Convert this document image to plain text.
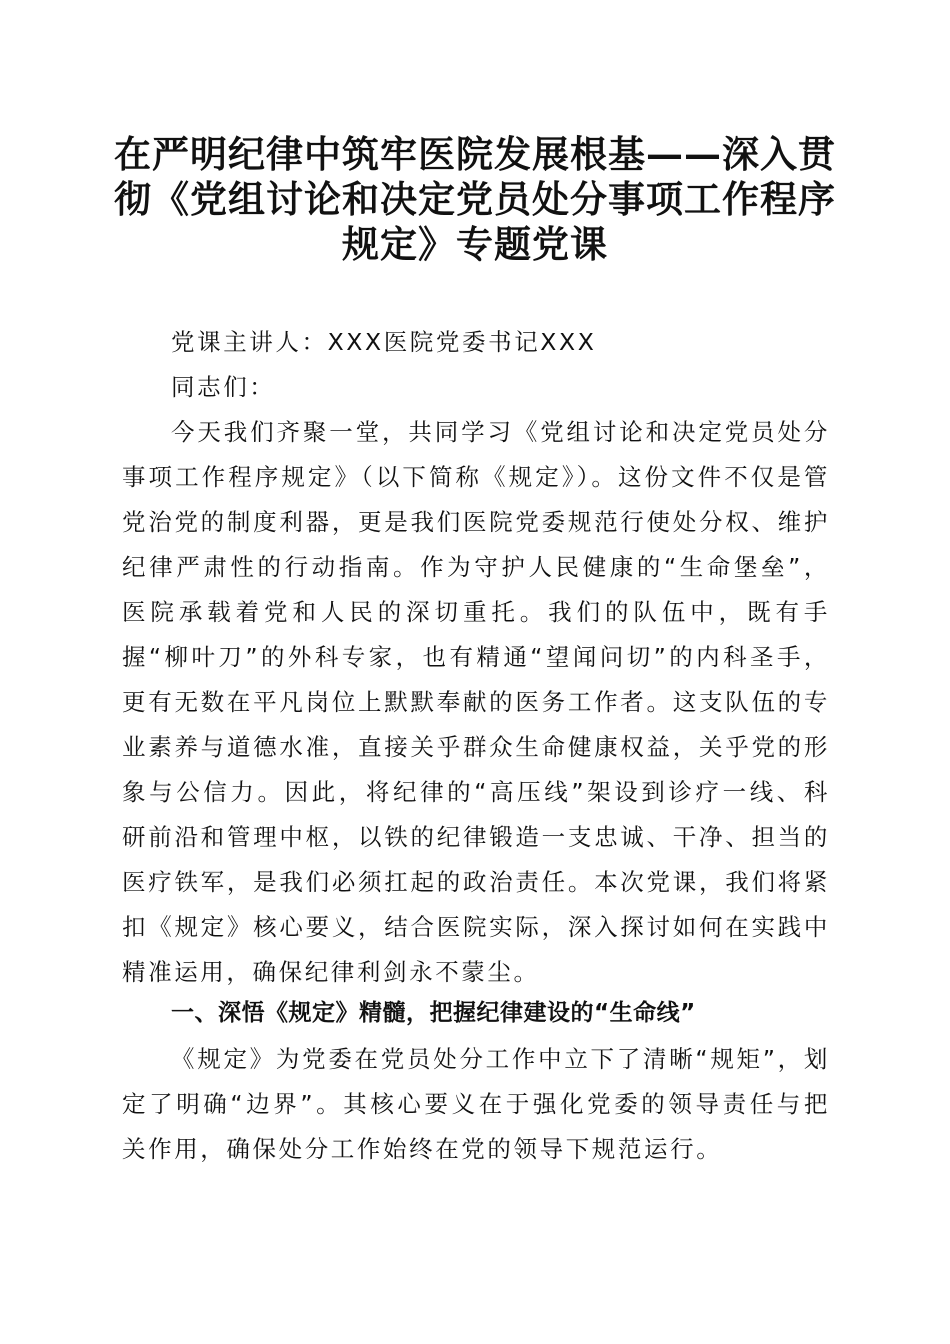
在严明纪律中筑牢医院发展根基——深入贯彻《党组讨论和决定党员处分事项工作程序规定》专题党课

党课主讲人：XXX医院党委书记XXX

同志们：

今天我们齐聚一堂，共同学习《党组讨论和决定党员处分事项工作程序规定》（以下简称《规定》）。这份文件不仅是管党治党的制度利器，更是我们医院党委规范行使处分权、维护纪律严肃性的行动指南。作为守护人民健康的“生命堡垒”，医院承载着党和人民的深切重托。我们的队伍中，既有手握“柳叶刀”的外科专家，也有精通“望闻问切”的内科圣手，更有无数在平凡岗位上默默奉献的医务工作者。这支队伍的专业素养与道德水准，直接关乎群众生命健康权益，关乎党的形象与公信力。因此，将纪律的“高压线”架设到诊疗一线、科研前沿和管理中枢，以铁的纪律锻造一支忠诚、干净、担当的医疗铁军，是我们必须扛起的政治责任。本次党课，我们将紧扣《规定》核心要义，结合医院实际，深入探讨如何在实践中精准运用，确保纪律利剑永不蒙尘。

一、深悟《规定》精髓，把握纪律建设的“生命线”

《规定》为党委在党员处分工作中立下了清晰“规矩”，划定了明确“边界”。其核心要义在于强化党委的领导责任与把关作用，确保处分工作始终在党的领导下规范运行。
